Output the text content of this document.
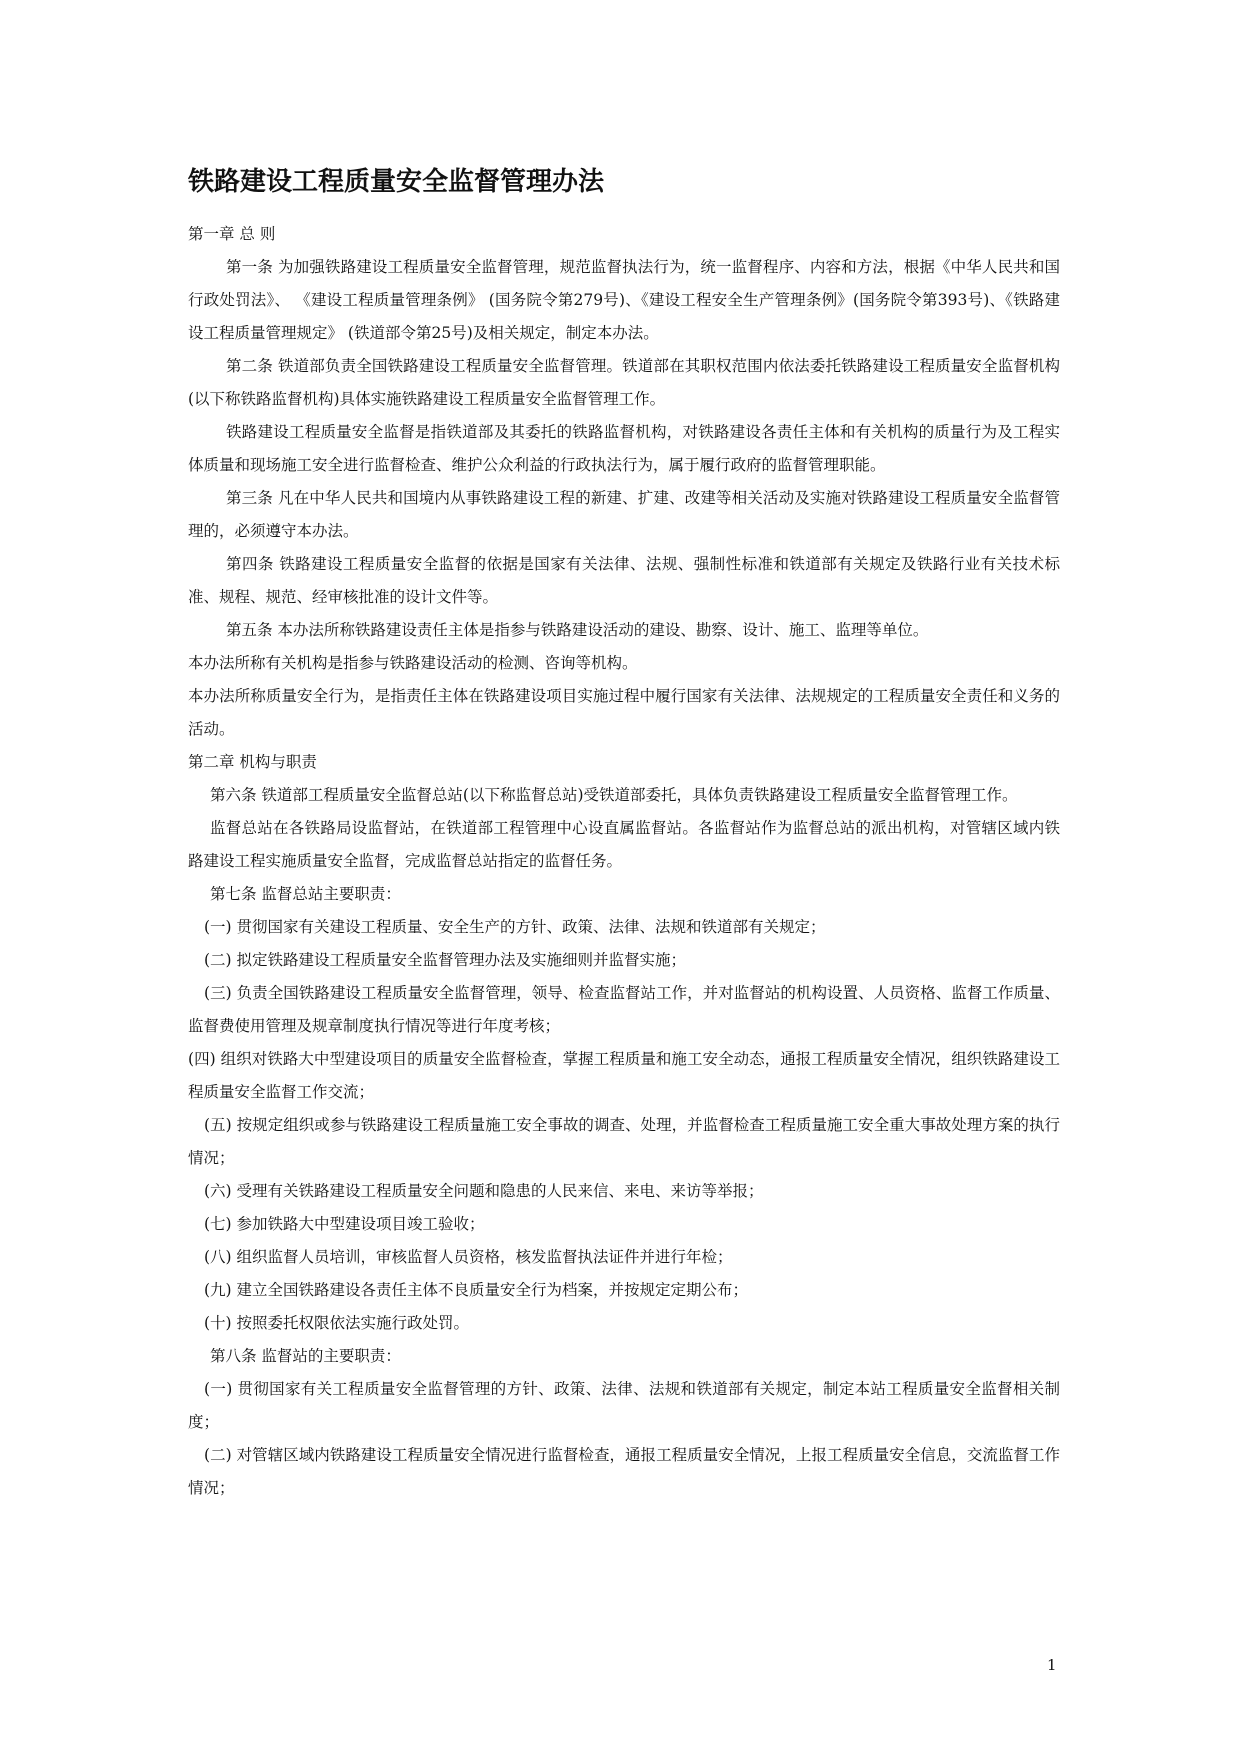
铁路建设工程质量安全监督管理办法

第一章 总 则

第一条 为加强铁路建设工程质量安全监督管理，规范监督执法行为，统一监督程序、内容和方法，根据《中华人民共和国行政处罚法》、 《建设工程质量管理条例》 (国务院令第279号)、《建设工程安全生产管理条例》(国务院令第393号)、《铁路建设工程质量管理规定》 (铁道部令第25号)及相关规定，制定本办法。

第二条 铁道部负责全国铁路建设工程质量安全监督管理。铁道部在其职权范围内依法委托铁路建设工程质量安全监督机构(以下称铁路监督机构)具体实施铁路建设工程质量安全监督管理工作。

铁路建设工程质量安全监督是指铁道部及其委托的铁路监督机构，对铁路建设各责任主体和有关机构的质量行为及工程实体质量和现场施工安全进行监督检查、维护公众利益的行政执法行为，属于履行政府的监督管理职能。

第三条 凡在中华人民共和国境内从事铁路建设工程的新建、扩建、改建等相关活动及实施对铁路建设工程质量安全监督管理的，必须遵守本办法。

第四条 铁路建设工程质量安全监督的依据是国家有关法律、法规、强制性标准和铁道部有关规定及铁路行业有关技术标准、规程、规范、经审核批准的设计文件等。

第五条 本办法所称铁路建设责任主体是指参与铁路建设活动的建设、勘察、设计、施工、监理等单位。

本办法所称有关机构是指参与铁路建设活动的检测、咨询等机构。

本办法所称质量安全行为，是指责任主体在铁路建设项目实施过程中履行国家有关法律、法规规定的工程质量安全责任和义务的活动。

第二章 机构与职责

第六条 铁道部工程质量安全监督总站(以下称监督总站)受铁道部委托，具体负责铁路建设工程质量安全监督管理工作。

监督总站在各铁路局设监督站，在铁道部工程管理中心设直属监督站。各监督站作为监督总站的派出机构，对管辖区域内铁路建设工程实施质量安全监督，完成监督总站指定的监督任务。

第七条 监督总站主要职责：

(一) 贯彻国家有关建设工程质量、安全生产的方针、政策、法律、法规和铁道部有关规定；

(二) 拟定铁路建设工程质量安全监督管理办法及实施细则并监督实施；

(三) 负责全国铁路建设工程质量安全监督管理，领导、检查监督站工作，并对监督站的机构设置、人员资格、监督工作质量、监督费使用管理及规章制度执行情况等进行年度考核；

(四) 组织对铁路大中型建设项目的质量安全监督检查，掌握工程质量和施工安全动态，通报工程质量安全情况，组织铁路建设工程质量安全监督工作交流；

(五) 按规定组织或参与铁路建设工程质量施工安全事故的调查、处理，并监督检查工程质量施工安全重大事故处理方案的执行情况；

(六) 受理有关铁路建设工程质量安全问题和隐患的人民来信、来电、来访等举报；

(七) 参加铁路大中型建设项目竣工验收；

(八) 组织监督人员培训，审核监督人员资格，核发监督执法证件并进行年检；

(九) 建立全国铁路建设各责任主体不良质量安全行为档案，并按规定定期公布；

(十) 按照委托权限依法实施行政处罚。

第八条 监督站的主要职责：

(一) 贯彻国家有关工程质量安全监督管理的方针、政策、法律、法规和铁道部有关规定，制定本站工程质量安全监督相关制度；

(二) 对管辖区域内铁路建设工程质量安全情况进行监督检查，通报工程质量安全情况，上报工程质量安全信息，交流监督工作情况；

1
